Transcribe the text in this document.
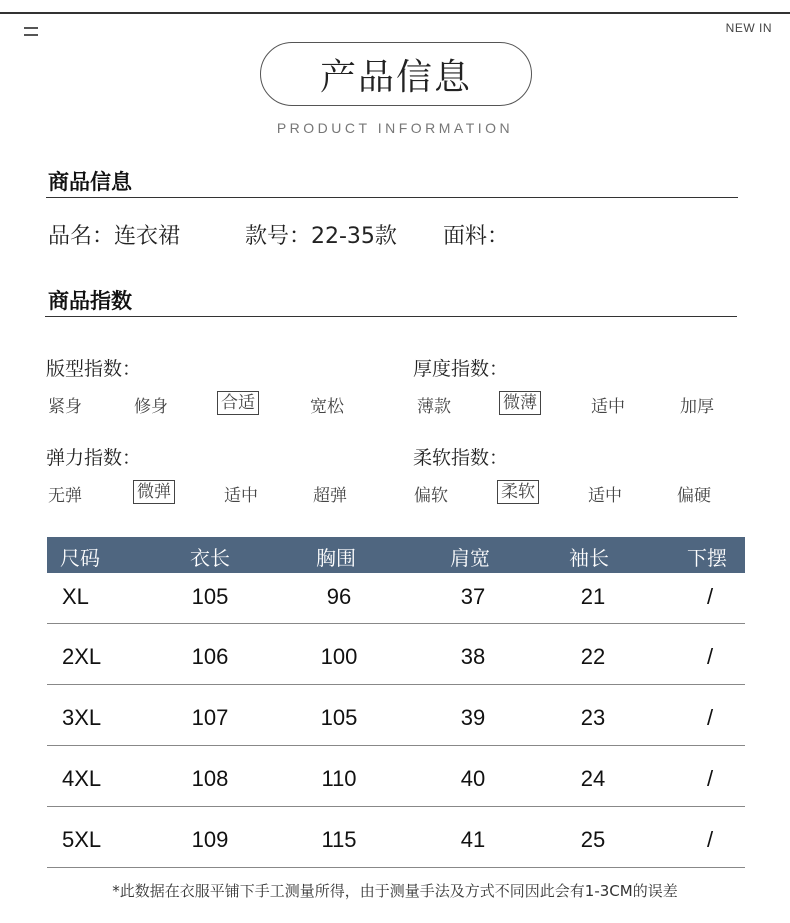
NEW IN
产品信息
PRODUCT INFORMATION
商品信息
品名：连衣裙	款号：22-35款 面料：
商品指数
版型指数：
紧身	修身	合适	宽松
厚度指数：
薄款	微薄	适中	加厚
弹力指数：
无弹	微弹	适中	超弹
柔软指数：
偏软	柔软	适中	偏硬
尺码	衣长	胸围	肩宽	袖长	下摆
XL	105	96	37	21	/
2XL	106	100	38	22	/
3XL	107	105	39	23	/
4XL	108	110	40	24	/
5XL	109	115	41	25	/
*此数据在衣服平铺下手工测量所得，由于测量手法及方式不同因此会有1-3CM的误差
